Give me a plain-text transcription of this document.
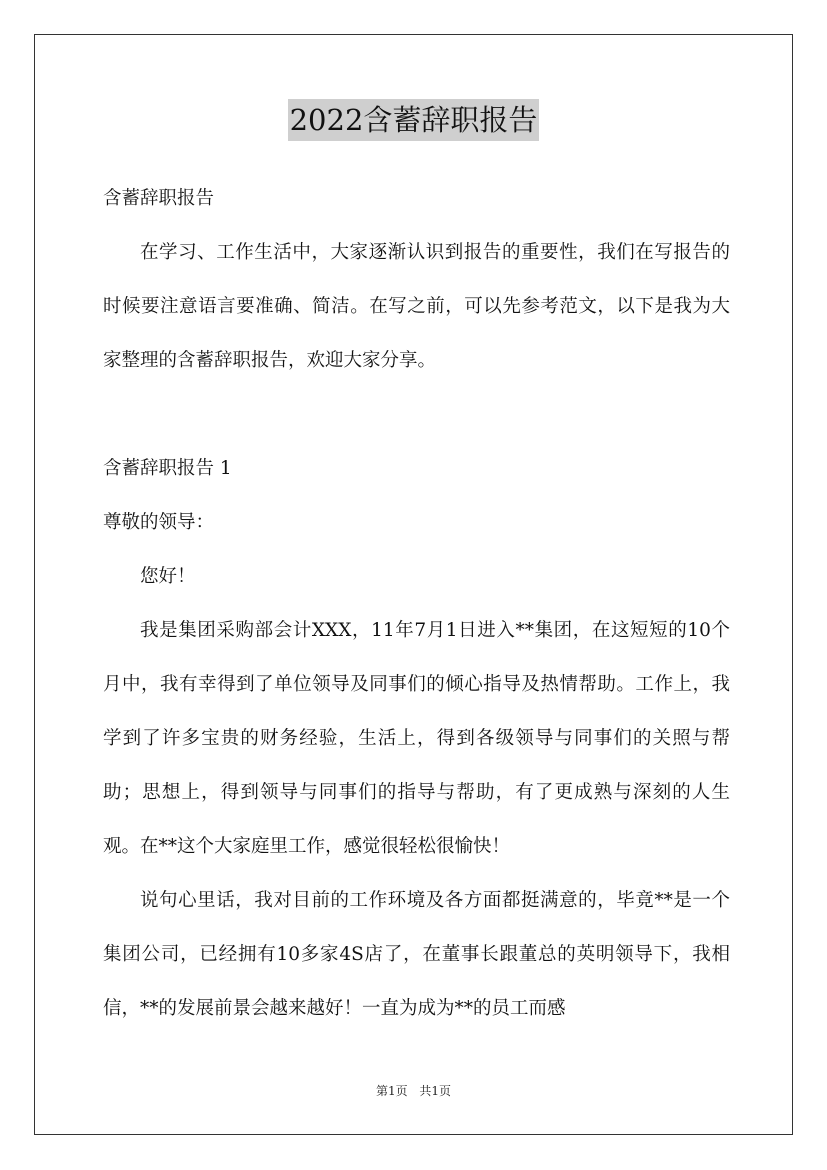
2022含蓄辞职报告

含蓄辞职报告

在学习、工作生活中，大家逐渐认识到报告的重要性，我们在写报告的时候要注意语言要准确、简洁。在写之前，可以先参考范文，以下是我为大家整理的含蓄辞职报告，欢迎大家分享。

含蓄辞职报告 1

尊敬的领导：

您好！

我是集团采购部会计XXX，11年7月1日进入**集团，在这短短的10个月中，我有幸得到了单位领导及同事们的倾心指导及热情帮助。工作上，我学到了许多宝贵的财务经验，生活上，得到各级领导与同事们的关照与帮助；思想上，得到领导与同事们的指导与帮助，有了更成熟与深刻的人生观。在**这个大家庭里工作，感觉很轻松很愉快！

说句心里话，我对目前的工作环境及各方面都挺满意的，毕竟**是一个集团公司，已经拥有10多家4S店了，在董事长跟董总的英明领导下，我相信，**的发展前景会越来越好！一直为成为**的员工而感

第1页 共1页
